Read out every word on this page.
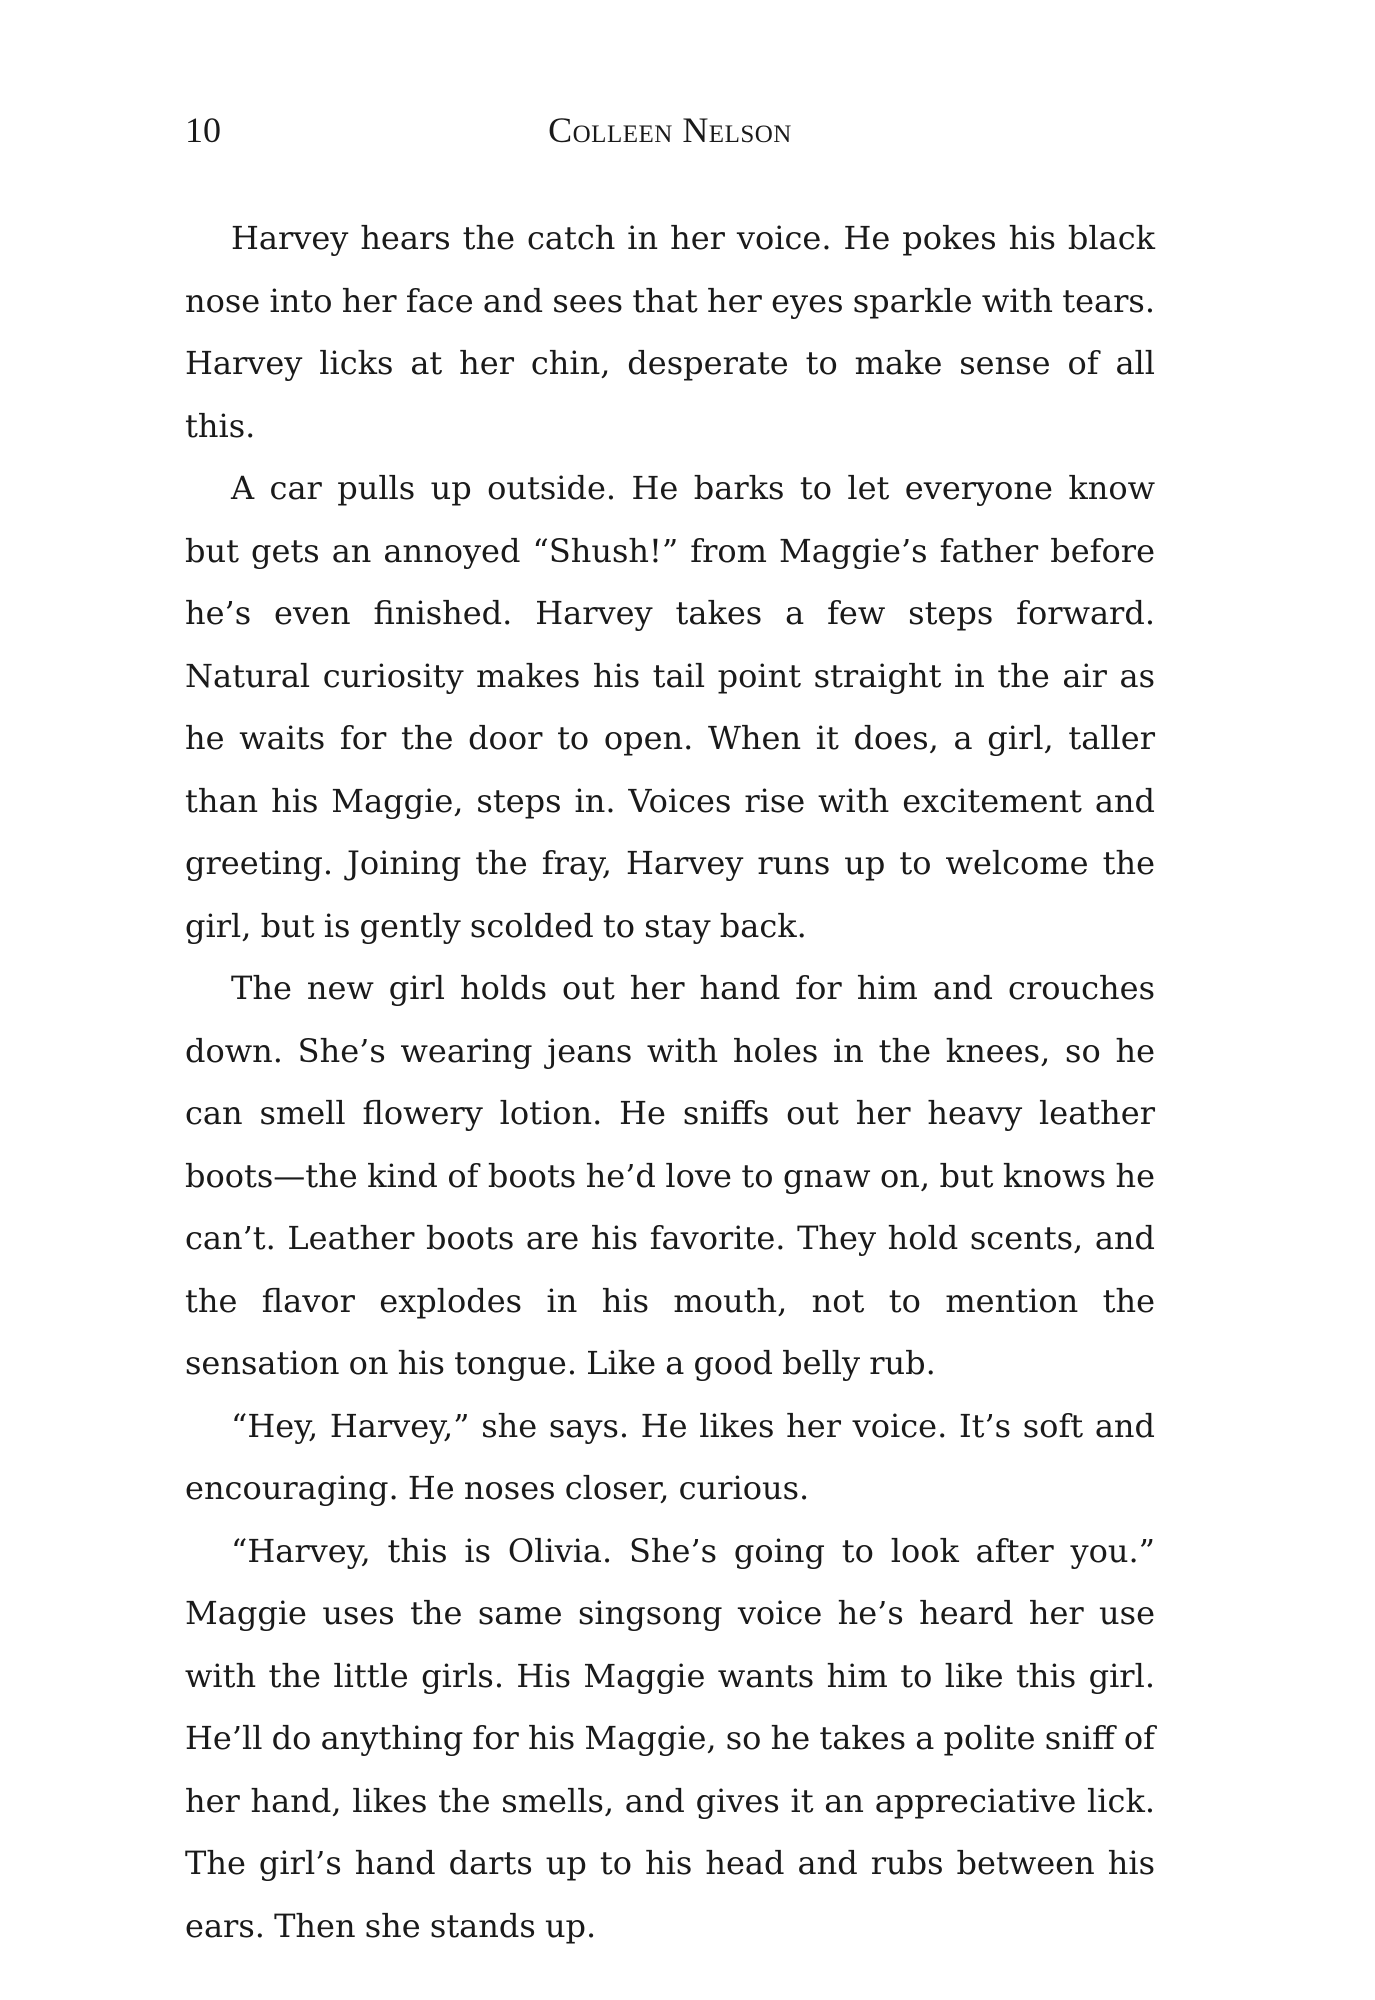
10	Colleen Nelson

Harvey hears the catch in her voice. He pokes his black nose into her face and sees that her eyes sparkle with tears. Harvey licks at her chin, desperate to make sense of all this.

A car pulls up outside. He barks to let everyone know but gets an annoyed “Shush!” from Maggie’s father before he’s even finished. Harvey takes a few steps forward. Natural curiosity makes his tail point straight in the air as he waits for the door to open. When it does, a girl, taller than his Maggie, steps in. Voices rise with excitement and greeting. Joining the fray, Harvey runs up to welcome the girl, but is gently scolded to stay back.

The new girl holds out her hand for him and crouches down. She’s wearing jeans with holes in the knees, so he can smell flowery lotion. He sniffs out her heavy leather boots—the kind of boots he’d love to gnaw on, but knows he can’t. Leather boots are his favorite. They hold scents, and the flavor explodes in his mouth, not to mention the sensation on his tongue. Like a good belly rub.

“Hey, Harvey,” she says. He likes her voice. It’s soft and encouraging. He noses closer, curious.

“Harvey, this is Olivia. She’s going to look after you.” Maggie uses the same singsong voice he’s heard her use with the little girls. His Maggie wants him to like this girl. He’ll do anything for his Maggie, so he takes a polite sniff of her hand, likes the smells, and gives it an appreciative lick. The girl’s hand darts up to his head and rubs between his ears. Then she stands up.
